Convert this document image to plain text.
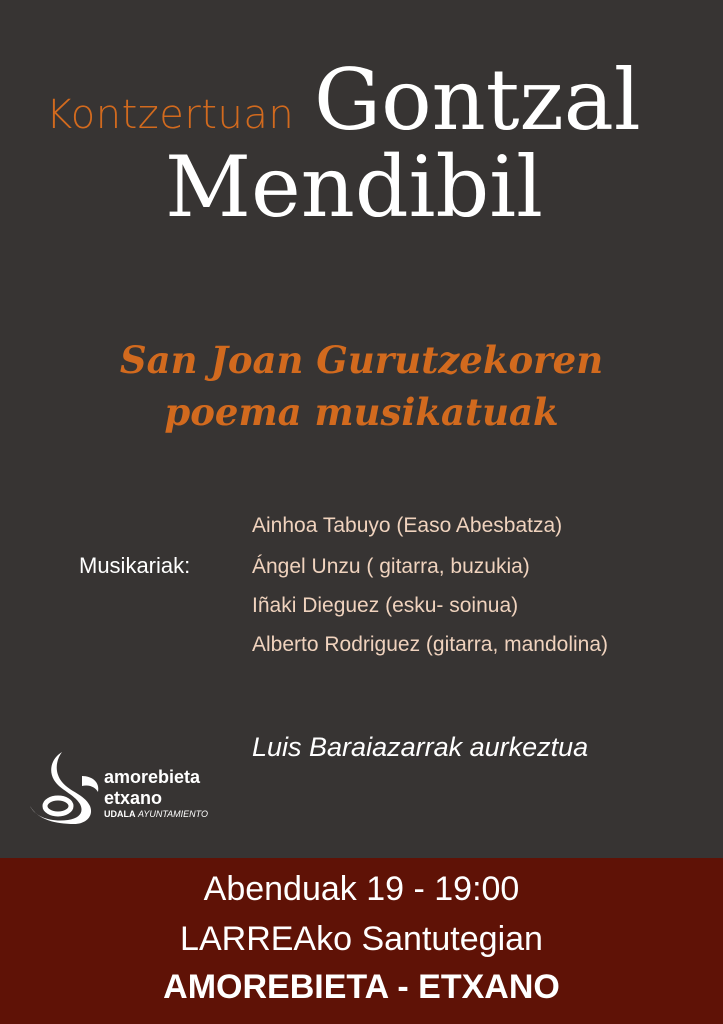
Kontzertuan Gontzal
Mendibil
San Joan Gurutzekoren
poema musikatuak
Musikariak:
Ainhoa Tabuyo (Easo Abesbatza)
Ángel Unzu ( gitarra, buzukia)
Iñaki Dieguez (esku- soinua)
Alberto Rodriguez (gitarra, mandolina)
Luis Baraiazarrak aurkeztua
amorebieta
etxano
UDALA AYUNTAMIENTO
Abenduak 19 - 19:00
LARREAko Santutegian
AMOREBIETA - ETXANO
